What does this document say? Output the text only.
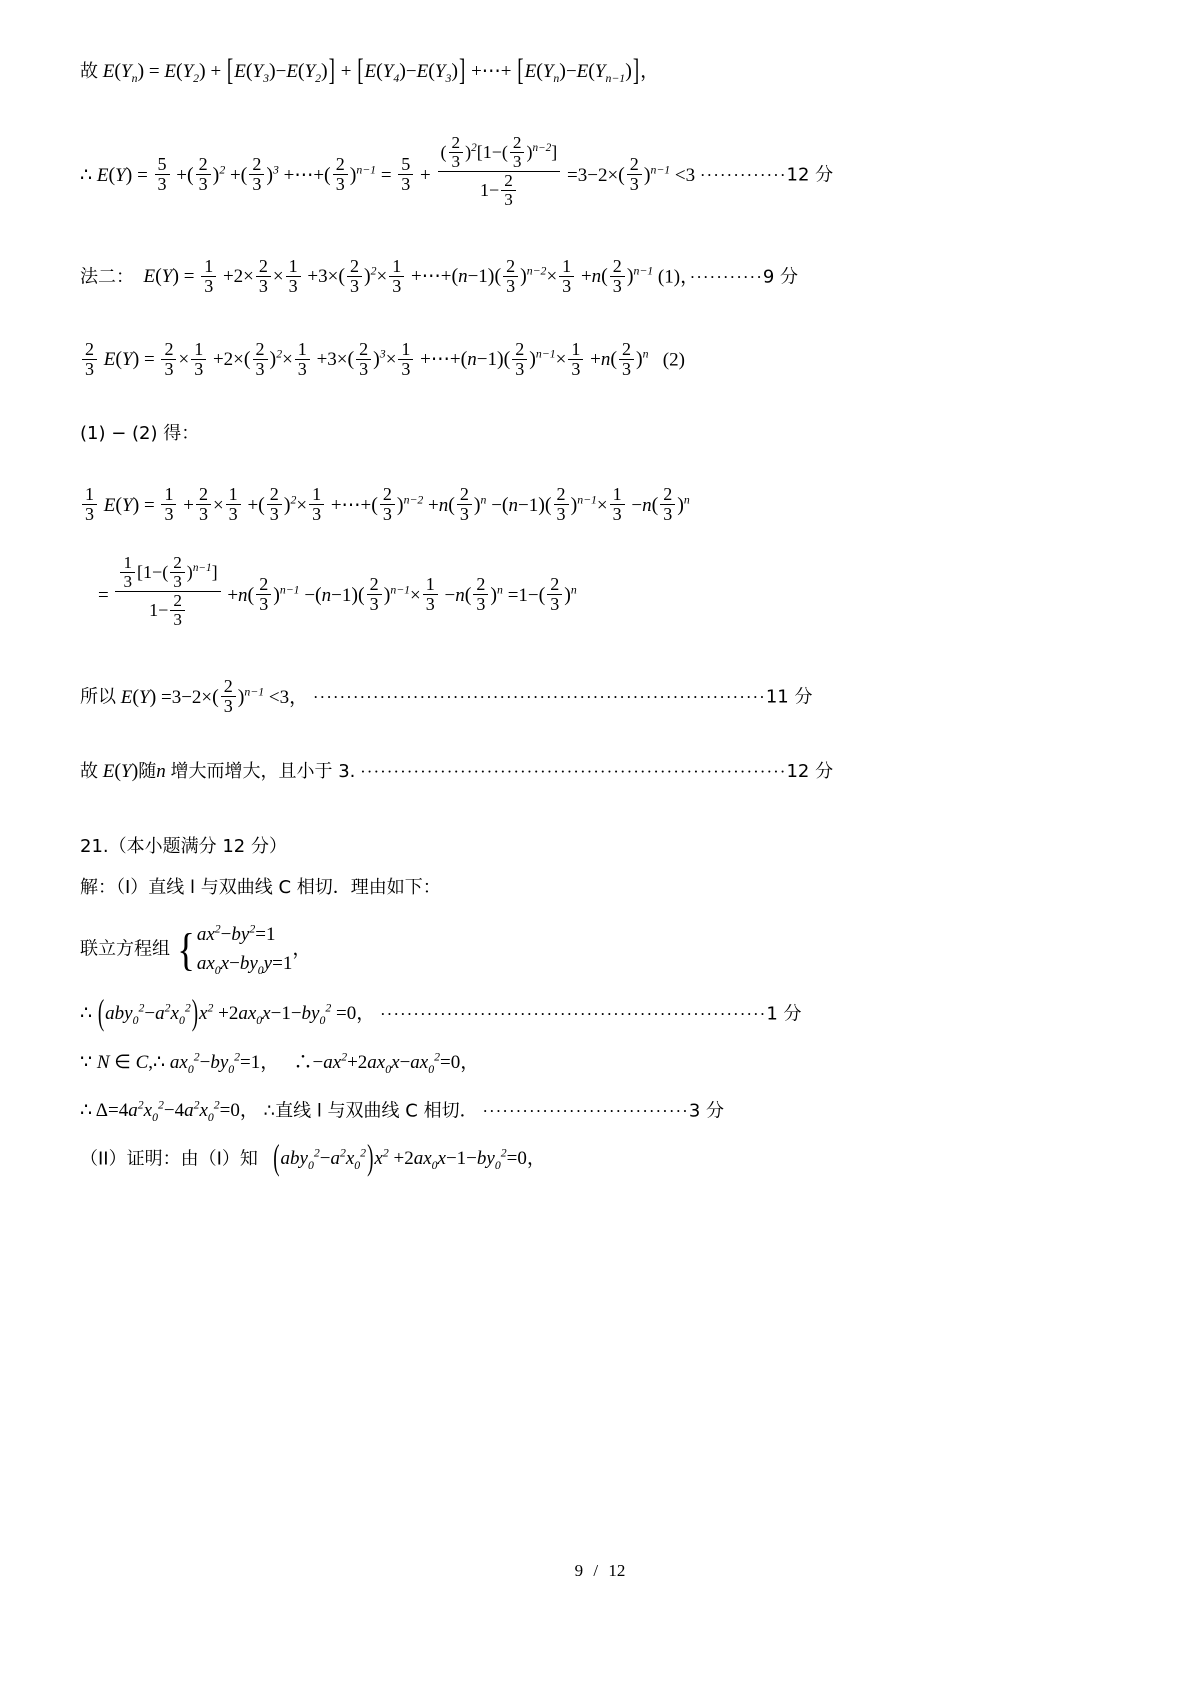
故 $E(Y_n) = E(Y_2) + [E(Y_3)-E(Y_2)] + [E(Y_4)-E(Y_3)]$ +⋯+ $[E(Y_n)-E(Y_{n-1})]$，
∴ $E(Y) = \frac{5}{3}$ +( $\frac{2}{3} )^2$ +( $\frac{2}{3} )^3$ +⋯+( $\frac{2}{3} )^{n-1} = \frac{5}{3} + \frac{( \frac{2}{3} )^2[1-( \frac{2}{3} )^{n-2}]}{1- \frac{2}{3}} =3-2\times( \frac{2}{3} )^{n-1} <3 \cdot\cdot\cdot\cdot\cdot\cdot\cdot\cdot\cdot\cdot\cdot\cdot\cdot 12$ 分
法二： $E(Y) = \frac{1}{3} +2\times \frac{2}{3} \times \frac{1}{3} +3\times( \frac{2}{3} )^2\times \frac{1}{3}$ +⋯+(n−1)( $\frac{2}{3} )^{n-2}\times \frac{1}{3} +n( \frac{2}{3} )^{n-1}$ (1)，···········9 分
$\frac{2}{3} E(Y) = \frac{2}{3} \times \frac{1}{3} +2\times( \frac{2}{3} )^2\times \frac{1}{3} +3\times( \frac{2}{3} )^3\times \frac{1}{3}$ +⋯+(n−1)( $\frac{2}{3} )^{n-1}\times \frac{1}{3} +n( \frac{2}{3} )^n$ (2)
(1) − (2) 得：
$\frac{1}{3} E(Y) = \frac{1}{3} + \frac{2}{3} \times \frac{1}{3}$ +( $\frac{2}{3} )^2\times \frac{1}{3}$ +⋯+( $\frac{2}{3} )^{n-2} +n( \frac{2}{3} )^n -(n-1)( \frac{2}{3} )^{n-1}\times \frac{1}{3} -n( \frac{2}{3} )^n$
= $\frac{\frac{1}{3} [1-( \frac{2}{3} )^{n-1}]}{1- \frac{2}{3}} +n( \frac{2}{3} )^{n-1} -(n-1)( \frac{2}{3} )^{n-1}\times \frac{1}{3} -n( \frac{2}{3} )^n =1-( \frac{2}{3} )^n$
所以 $E(Y) =3-2\times( \frac{2}{3} )^{n-1} <3$， ····································································11 分
故 E(Y)随n 增大而增大，且小于 3. ································································12 分
21.（本小题满分 12 分）
解：（I）直线 l 与双曲线 C 相切．理由如下：
联立方程组 { $ax^2-by^2=1$
$ax_0x-by_0y=1$
，
∴ $(aby_0^2-a^2x_0^2)x^2 +2ax_0x-1-by_0^2 =0$， ··························································1 分
∵ N ∈ C,∴ $ax_0^2-by_0^2=1$， $\therefore-ax^2+2ax_0x-ax_0^2=0$，
∴ $\Delta=4a^2x_0^2-4a^2x_0^2=0$， ∴直线 l 与双曲线 C 相切． ·······························3 分
（II）证明：由（I）知 $(aby_0^2-a^2x_0^2)x^2 +2ax_0x-1-by_0^2=0$，
9 / 12
